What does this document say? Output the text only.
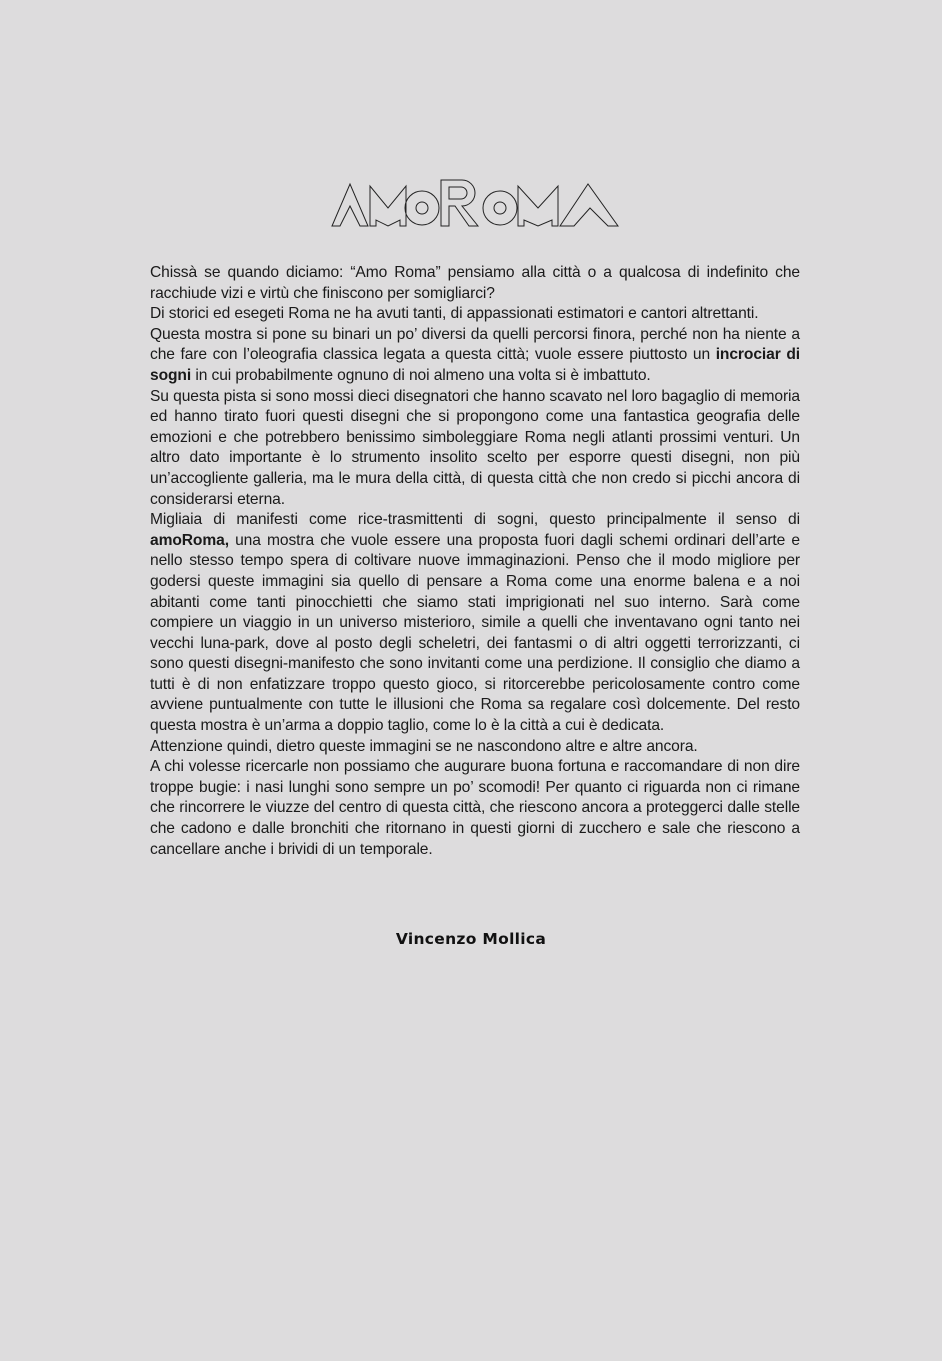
Chissà se quando diciamo: “Amo Roma” pensiamo alla città o a qualcosa di indefinito che racchiude vizi e virtù che finiscono per somigliarci?

Di storici ed esegeti Roma ne ha avuti tanti, di appassionati estimatori e cantori altrettanti.

Questa mostra si pone su binari un po’ diversi da quelli percorsi finora, perché non ha niente a che fare con l’oleografia classica legata a questa città; vuole essere piuttosto un incrociar di sogni in cui probabilmente ognuno di noi almeno una volta si è imbattuto.

Su questa pista si sono mossi dieci disegnatori che hanno scavato nel loro bagaglio di memoria ed hanno tirato fuori questi disegni che si propongono come una fantastica geografia delle emozioni e che potrebbero benissimo simboleggiare Roma negli atlanti prossimi venturi. Un altro dato importante è lo strumento insolito scelto per esporre questi disegni, non più un’accogliente galleria, ma le mura della città, di questa città che non credo si picchi ancora di considerarsi eterna.

Migliaia di manifesti come rice-trasmittenti di sogni, questo principalmente il senso di amoRoma, una mostra che vuole essere una proposta fuori dagli schemi ordinari dell’arte e nello stesso tempo spera di coltivare nuove immaginazioni. Penso che il modo migliore per godersi queste immagini sia quello di pensare a Roma come una enorme balena e a noi abitanti come tanti pinocchietti che siamo stati imprigionati nel suo interno. Sarà come compiere un viaggio in un universo misterioro, simile a quelli che inventavano ogni tanto nei vecchi luna-park, dove al posto degli scheletri, dei fantasmi o di altri oggetti terrorizzanti, ci sono questi disegni-manifesto che sono invitanti come una perdizione. Il consiglio che diamo a tutti è di non enfatizzare troppo questo gioco, si ritorcerebbe pericolosamente contro come avviene puntualmente con tutte le illusioni che Roma sa regalare così dolcemente. Del resto questa mostra è un’arma a doppio taglio, come lo è la città a cui è dedicata.

Attenzione quindi, dietro queste immagini se ne nascondono altre e altre ancora.

A chi volesse ricercarle non possiamo che augurare buona fortuna e raccomandare di non dire troppe bugie: i nasi lunghi sono sempre un po’ scomodi! Per quanto ci riguarda non ci rimane che rincorrere le viuzze del centro di questa città, che riescono ancora a proteggerci dalle stelle che cadono e dalle bronchiti che ritornano in questi giorni di zucchero e sale che riescono a cancellare anche i brividi di un temporale.

Vincenzo Mollica
